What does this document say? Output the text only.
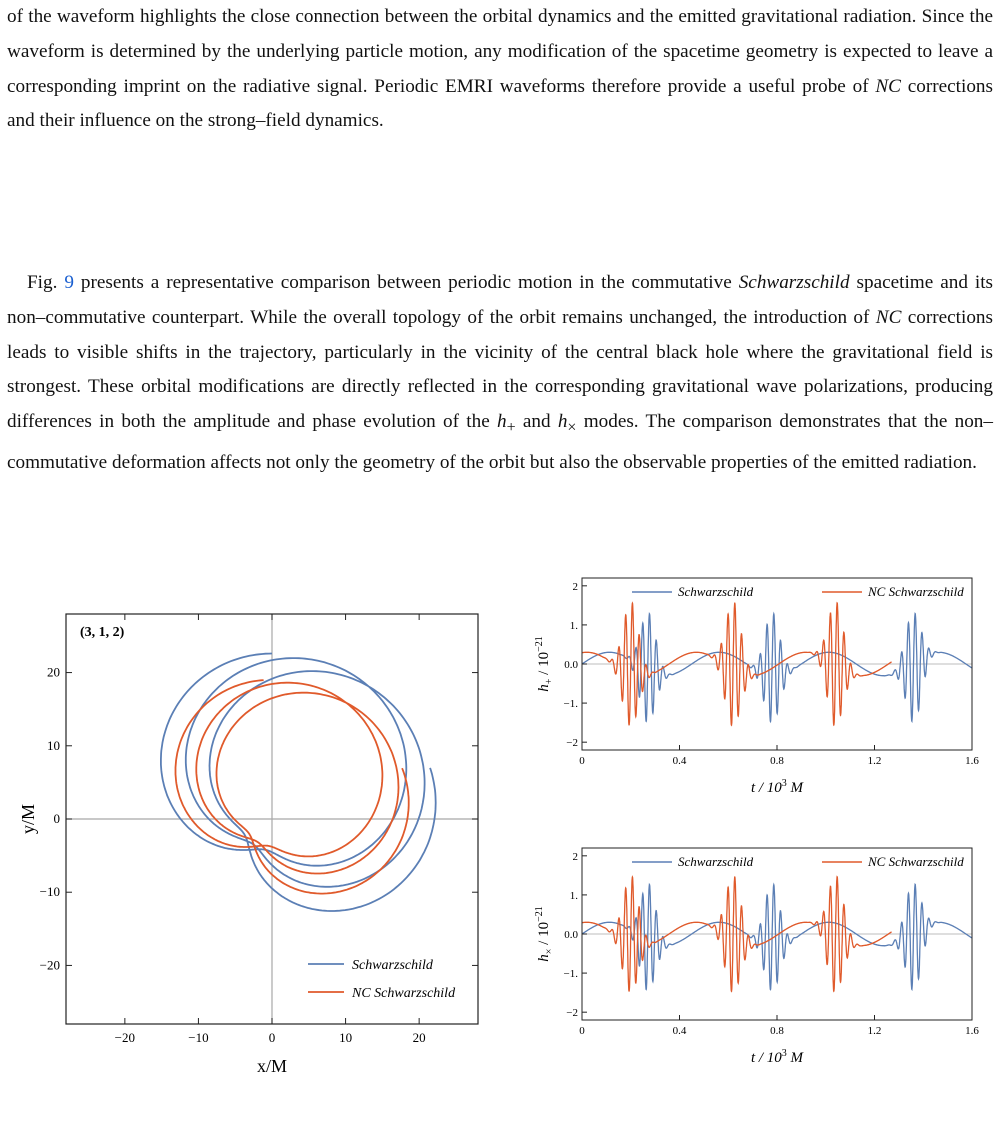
of the waveform highlights the close connection between the orbital dynamics and the emitted gravitational radiation. Since the waveform is determined by the underlying particle motion, any modification of the spacetime geometry is expected to leave a corresponding imprint on the radiative signal. Periodic EMRI waveforms therefore provide a useful probe of NC corrections and their influence on the strong–field dynamics.

Fig. 9 presents a representative comparison between periodic motion in the commutative Schwarzschild spacetime and its non–commutative counterpart. While the overall topology of the orbit remains unchanged, the introduction of NC corrections leads to visible shifts in the trajectory, particularly in the vicinity of the central black hole where the gravitational field is strongest. These orbital modifications are directly reflected in the corresponding gravitational wave polarizations, producing differences in both the amplitude and phase evolution of the $h_+$ and $h_\times$ modes. The comparison demonstrates that the non–commutative deformation affects not only the geometry of the orbit but also the observable properties of the emitted radiation.

−20	−10	0	10	20
−20
−10
0
10
20
(3, 1, 2)
x/M
y/M
Schwarzschild
NC Schwarzschild
0	0.4	0.8	1.2	1.6
−2
−1.
0.0
1.
2	Schwarzschild	NC Schwarzschild
t / $10^3$ M
$h_+ / 10^{-21}$
0	0.4	0.8	1.2	1.6
−2
−1.
0.0
1.
2	Schwarzschild	NC Schwarzschild
t / $10^3$ M
$h_\times / 10^{-21}$
